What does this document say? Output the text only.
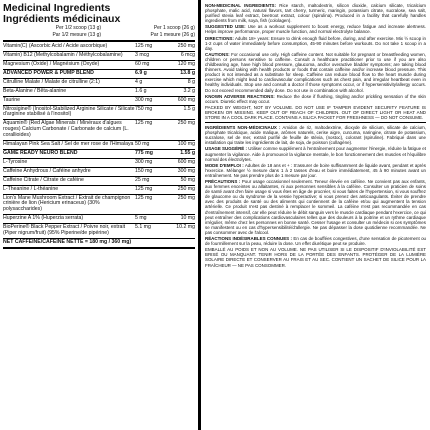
Medicinal Ingredients
Ingrédients médicinaux
Per 1/2 scoop (13 g)	Per 1 scoop (26 g)
Par 1/2 mesure (13 g)	Par 1 mesure (26 g)
Vitamin(C) (Ascorbic Acid / Acide ascorbique)	125 mg	250 mg
Vitamin) B12 (Methylcobalamin / Méthylcobalamine)	3 mcg	6 mcg
Magnesium (Oxide) / Magnésium (Oxyde)	60 mg	120 mg
ADVANCED POWER & PUMP BLEND	6.9 g	13.8 g
Citrulline Malate / Malate de citrulline (2:1)	4 g	8 g
Beta-Alanine / Bêta-alanine	1.6 g	3.2 g
Taurine	300 mg	600 mg
Nitrosigine® (Inositol-Stabilized Arginine Silicate / Silicate d'arginine stabilisé à l'inositol)
750 mg	1.5 g
Aquamin® (Red Algae Minerals / Minéraux d'algues rouges) Calcium Carbonate / Carbonate de calcium (L. corallioides)
125 mg	250 mg
Himalayan Pink Sea Salt / Sel de mer rose de l'Himalaya 50 mg	100 mg
GAME READY NEURO BLEND	775 mg	1.55 g
L-Tyrosine	300 mg	600 mg
Caffeine Anhydrous / Caféine anhydre	150 mg	300 mg
Caffeine Citrate / Citrate de caféine	25 mg	50 mg
L-Theanine / L-théanine	125 mg	250 mg
Lion's Mane Mushroom Extract / Extrait de champignon crinière de lion (Hericium erinaceus) (30% polysaccharides)
125 mg	250 mg
Huperzine A 1% (Huperzia serrata)	5 mg	10 mg
BioPerine® Black Pepper Extract / Poivre noir, extrait (Piper nigrum/fruit) (95% Piperine/de pipérine)
5.1 mg	10.2 mg
NET CAFFEINE/CAFÉINE NETTE = 180 mg / 360 mg)

NON-MEDICINAL INGREDIENTS: Rice starch, maltodextrin, silicon dioxide, calcium silicate, tricalcium phosphate, malic acid, natural flavors, tart cherry, turmeric, maringin, potassium citrate, sucralose, sea salt, purified stevia leaf extract, beetroot extract, colour (spirulina). Produced in a facility that carefully handles ingredients from milk, soya, fish (cololagen).

SUGGESTED USE: Use as a workout supplement to boost energy, reduce fatigue and increase alertness. Helps improve performance, proper muscle function, and normal electrolyte balance.

DIRECTIONS: Adults 18+ years: Ensure to drink enough fluid before, during, and after exercise. Mix ½ scoop in 1-2 cups of water immediately before consumption, 45-90 minutes before workouts. Do not take 1 scoop in a day.

CAUTIONS: For occasional use only. High caffeine content. Not suitable for pregnant or breastfeeding women, children or persons sensitive to caffeine. Consult a healthcare practitioner prior to use if you are also childbearing age, have high blood pressure, glaucoma, and/or overactive bladder symptoms; are taking blood thinners. Avoid taking with health products or foods that contain caffeine and/or increase blood pressure. This product is not intended as a substitute for sleep. Caffeine can reduce blood flow to the heart muscle during exercise which might lead to cardiovascular complications such as chest pain, and irregular heartbeat even in healthy individuals. Stop use and consult a doctor if those symptoms occur, or if hypersensitivity/allergy occurs. Do not exceed recommended daily dose. Do not use in combination with alcohol.

KNOWN ADVERSE REACTIONS: Reduce the dose if flushing, tingling and/or prickling sensation of the skin occurs. Diuretic effect may occur.

PACKED BY WEIGHT, NOT BY VOLUME. DO NOT USE IF TAMPER EVIDENT SECURITY FEATURE IS BROKEN OR MISSING. KEEP OUT OF REACH OF CHILDREN. OUT OF DIRECT LIGHT OR HEAT AND STORE IN A COOL DARK PLACE. CONTAINS A SILICA PACKET FOR FRESHNESS — DO NOT CONSUME.

INGRÉDIENTS NON-MÉDICINAUX : Amidon de riz, maltodextrine, dioxyde de silicium, silicate de calcium, phosphate tricalcique, acide malique, arômes naturels, cerise aigre, curcuma, naringine, citrate de potassium, sucralose, sel de mer, extrait purifié de feuille de stévia, (nostoc), colorant (spiruline). Fabriqué dans une installation qui traite les ingrédients de lait, de soja, de poisson (collagène).

USAGE SUGGÉRÉ : Utiliser comme supplément à l'entraînement pour augmenter l'énergie, réduire la fatigue et augmenter la vigilance. Aide à promouvoir la vigilance mentale, le bon fonctionnement des muscles et l'équilibre normal des électrolytes.

MODE D'EMPLOI : Adultes de 18 ans et + : S'assurer de boire suffisamment de liquide avant, pendant et après l'exercice. Mélanger ½ mesure dans 1 à 2 tasses d'eau et boire immédiatement, 45 à 90 minutes avant un entraînement. Ne pas prendre plus de 1 mesure par jour.

PRÉCAUTIONS : Pour usage occasionnel seulement. Teneur élevée en caféine. Ne convient pas aux enfants, aux femmes enceintes ou allaitantes, ni aux personnes sensibles à la caféine. Consulter un praticien de soins de santé avant d'en faire usage si vous êtes en âge de procréer, si vous faites de l'hypertension, si vous souffrez de glaucome ou du syndrome de la vessie hyperactive; si vous prenez des anticoagulants. Éviter de prendre avec des produits de santé ou des aliments qui contiennent de la caféine et/ou qui augmentent la tension artérielle. Ce produit n'est pas destiné à remplacer le sommeil. La caféine n'est pas recommandée en cas d'entraînement intensif, car elle peut réduire le débit sanguin vers le muscle cardiaque pendant l'exercice, ce qui peut entraîner des complications cardiovasculaires telles que des douleurs à la poitrine et un rythme cardiaque irrégulier, même chez les personnes en bonne santé. Cesser l'usage et consulter un médecin si ces symptômes se manifestent ou en cas d'hypersensibilité/d'allergie. Ne pas dépasser la dose quotidienne recommandée. Ne pas consommer avec de l'alcool.

RÉACTIONS INDÉSIRABLES CONNUES : En cas de bouffées congestives, d'une sensation de picotement ou de fourmillement sur la peau, réduire la dose. Un effet diurétique peut se produire.

EMBALLÉ AU POIDS ET NON AU VOLUME. NE PAS UTILISER SI LE DISPOSITIF D'INVIOLABILITÉ EST BRISÉ OU MANQUANT. TENIR HORS DE LA PORTÉE DES ENFANTS. PROTÉGER DE LA LUMIÈRE SOLAIRE DIRECTE ET CONSERVER AU FRAIS ET AU SEC. CONTIENT UN SACHET DE SILICE POUR LA FRAÎCHEUR — NE PAS CONSOMMER.
